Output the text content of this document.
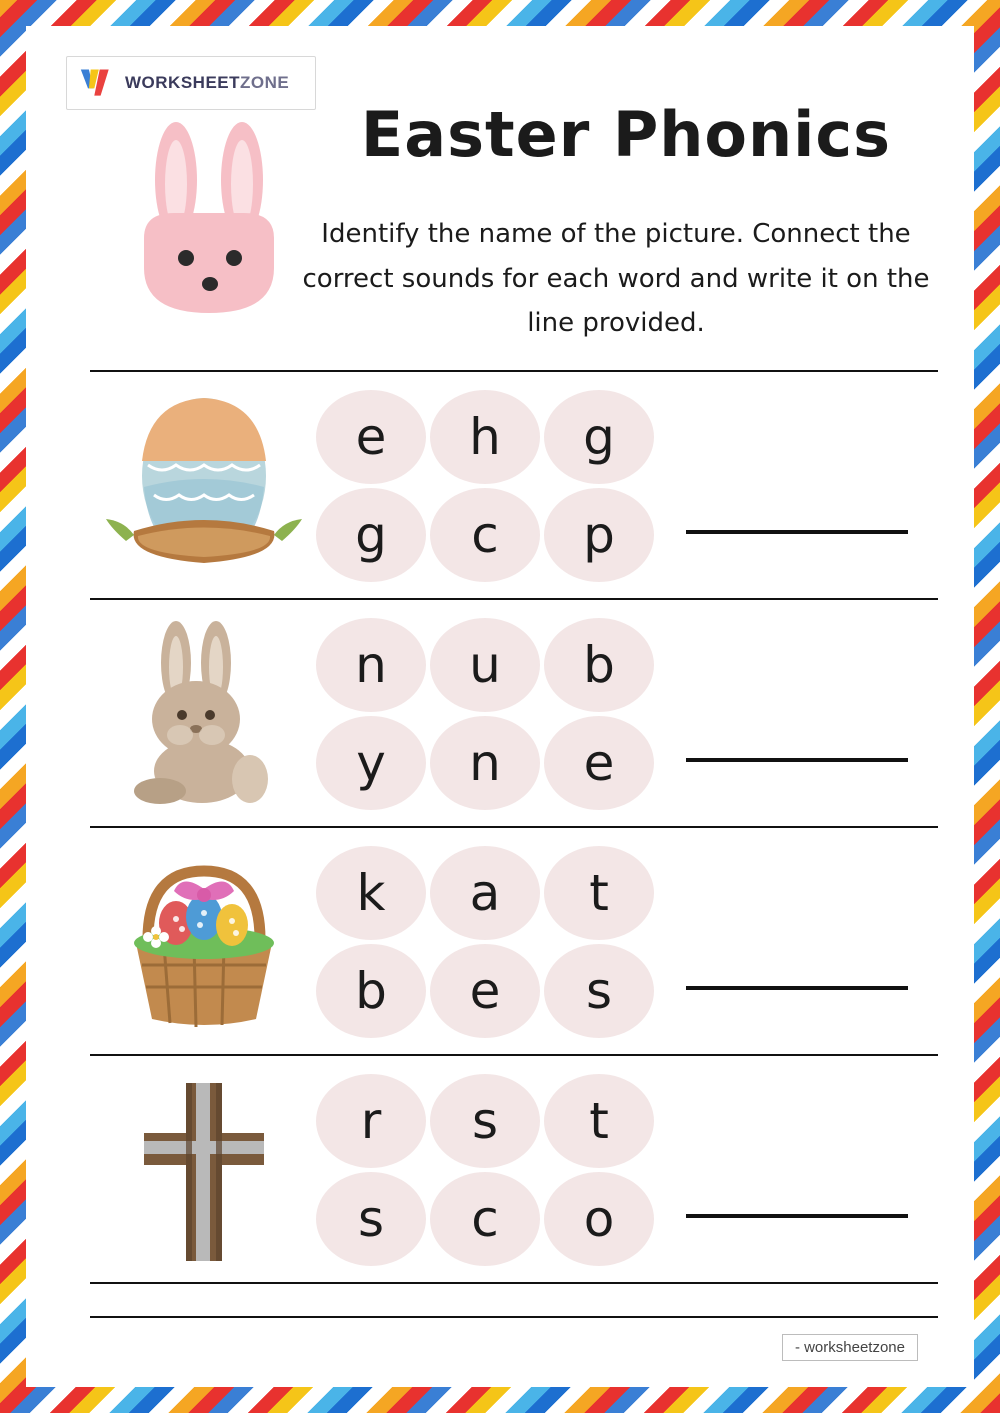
WORKSHEETZONE
Easter Phonics
Identify the name of the picture. Connect the correct sounds for each word and write it on the line provided.
e	h	g
g	c	p
n	u	b
y	n	e
k	a	t
b	e	s
r	s	t
s	c	o
- worksheetzone
